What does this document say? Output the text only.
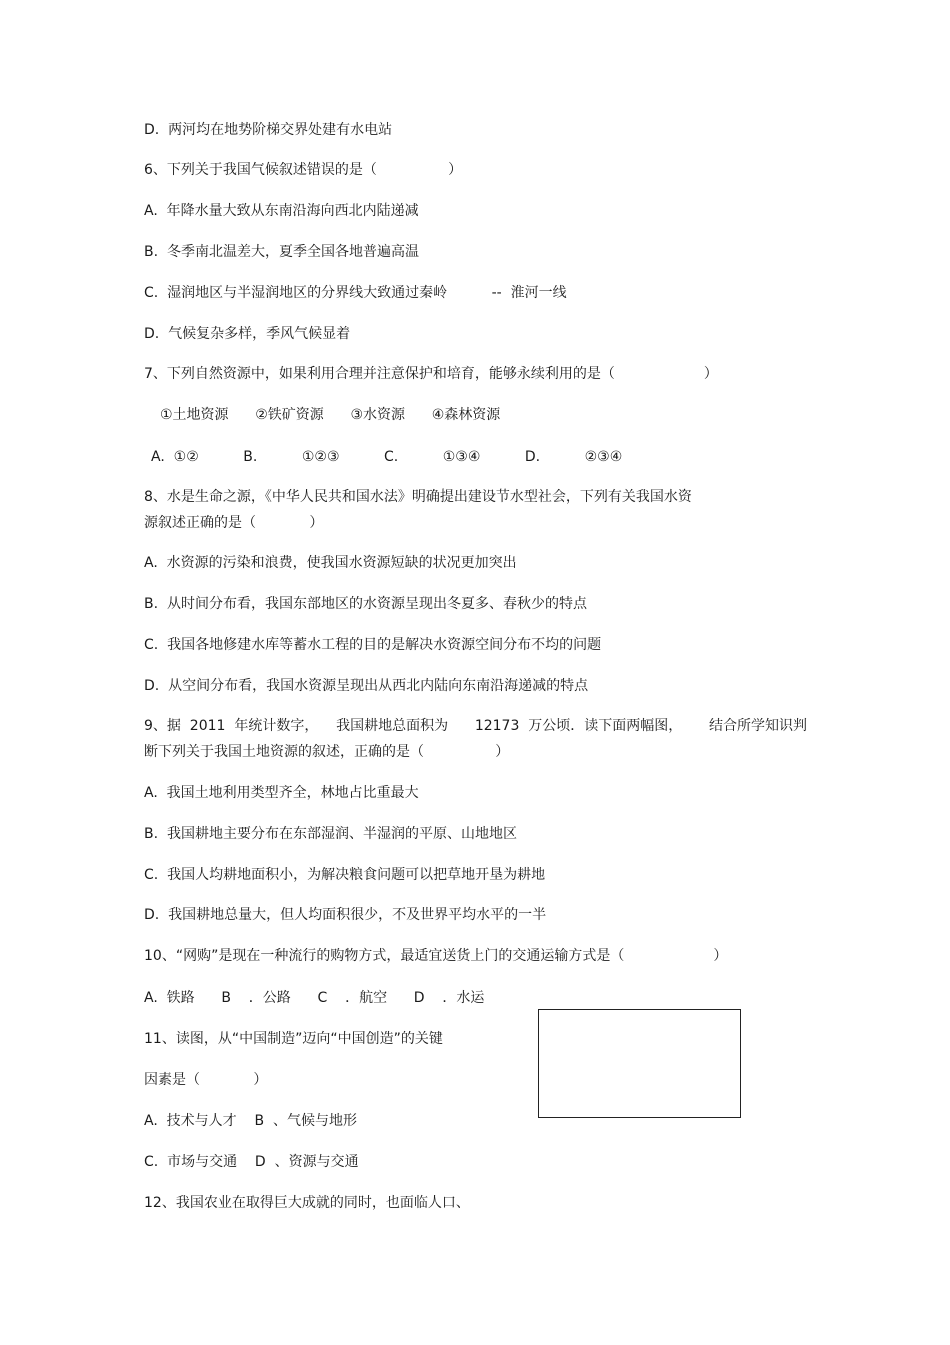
D.  两河均在地势阶梯交界处建有水电站
6、下列关于我国气候叙述错误的是（                ）
A.  年降水量大致从东南沿海向西北内陆递减
B.  冬季南北温差大，夏季全国各地普遍高温
C.  湿润地区与半湿润地区的分界线大致通过秦岭          --  淮河一线
D.  气候复杂多样，季风气候显着
7、下列自然资源中，如果利用合理并注意保护和培育，能够永续利用的是（                    ）
①土地资源      ②铁矿资源      ③水资源      ④森林资源
A.  ①②          B.          ①②③          C.          ①③④          D.          ②③④
8、水是生命之源，《中华人民共和国水法》明确提出建设节水型社会，下列有关我国水资
源叙述正确的是（            ）
A.  水资源的污染和浪费，使我国水资源短缺的状况更加突出
B.  从时间分布看，我国东部地区的水资源呈现出冬夏多、春秋少的特点
C.  我国各地修建水库等蓄水工程的目的是解决水资源空间分布不均的问题
D.  从空间分布看，我国水资源呈现出从西北内陆向东南沿海递减的特点
9、据  2011  年统计数字，    我国耕地总面积为      12173  万公顷．读下面两幅图，      结合所学知识判
断下列关于我国土地资源的叙述，正确的是（                ）
A.  我国土地利用类型齐全，林地占比重最大
B.  我国耕地主要分布在东部湿润、半湿润的平原、山地地区
C.  我国人均耕地面积小，为解决粮食问题可以把草地开垦为耕地
D.  我国耕地总量大，但人均面积很少，不及世界平均水平的一半
10、“网购”是现在一种流行的购物方式，最适宜送货上门的交通运输方式是（                    ）
A.  铁路      B    ．公路      C    ．航空      D    ．水运
11、读图，从“中国制造”迈向“中国创造”的关键
因素是（            ）
A.  技术与人才    B  、气候与地形
C.  市场与交通    D  、资源与交通
12、我国农业在取得巨大成就的同时，也面临人口、
